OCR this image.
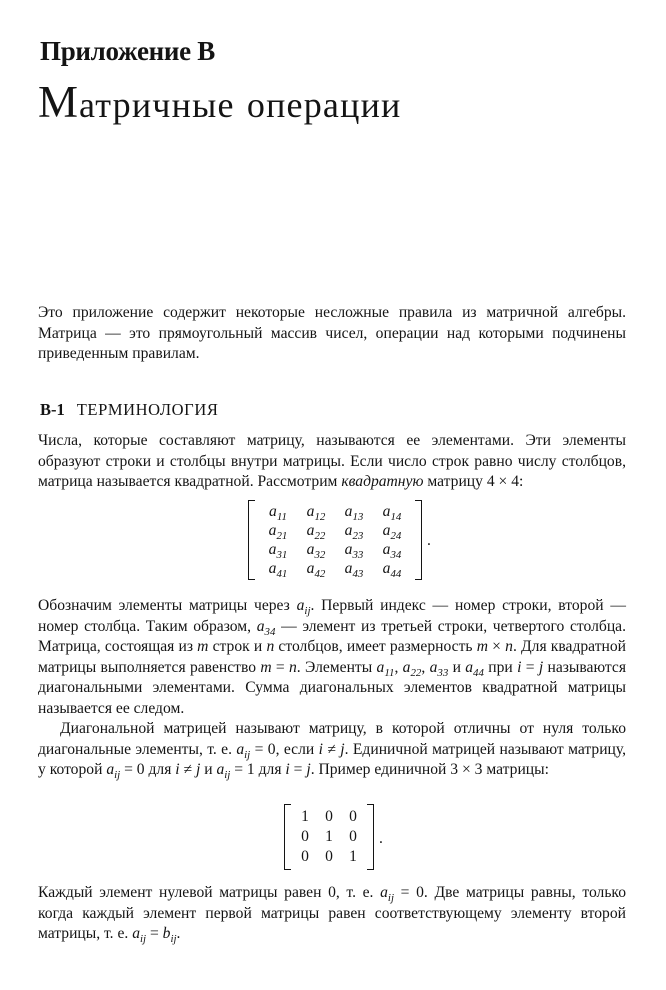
Приложение B
Матричные операции

Это приложение содержит некоторые несложные правила из матричной алгебры. Матрица — это прямоугольный массив чисел, операции над которыми подчинены приведенным правилам.

B-1 ТЕРМИНОЛОГИЯ

Числа, которые составляют матрицу, называются ее элементами. Эти элементы образуют строки и столбцы внутри матрицы. Если число строк равно числу столбцов, матрица называется квадратной. Рассмотрим квадратную матрицу 4 × 4:

$a_{11}$	$a_{12}$	$a_{13}$	$a_{14}$
$a_{21}$	$a_{22}$	$a_{23}$	$a_{24}$
$a_{31}$	$a_{32}$	$a_{33}$	$a_{34}$
$a_{41}$	$a_{42}$	$a_{43}$	$a_{44}$
.

Обозначим элементы матрицы через $a_{ij}$. Первый индекс — номер строки, второй — номер столбца. Таким образом, $a_{34}$ — элемент из третьей строки, четвертого столбца. Матрица, состоящая из m строк и n столбцов, имеет размерность m × n. Для квадратной матрицы выполняется равенство m = n. Элементы $a_{11}$, $a_{22}$, $a_{33}$ и $a_{44}$ при i = j называются диагональными элементами. Сумма диагональных элементов квадратной матрицы называется ее следом.

Диагональной матрицей называют матрицу, в которой отличны от нуля только диагональные элементы, т. е. $a_{ij} = 0$, если i ≠ j. Единичной матрицей называют матрицу, у которой $a_{ij} = 0$ для i ≠ j и $a_{ij} = 1$ для i = j. Пример единичной 3 × 3 матрицы:

1	0	0
0	1	0
0	0	1
.

Каждый элемент нулевой матрицы равен 0, т. е. $a_{ij} = 0$. Две матрицы равны, только когда каждый элемент первой матрицы равен соответствующему элементу второй матрицы, т. е. $a_{ij} = b_{ij}$.
